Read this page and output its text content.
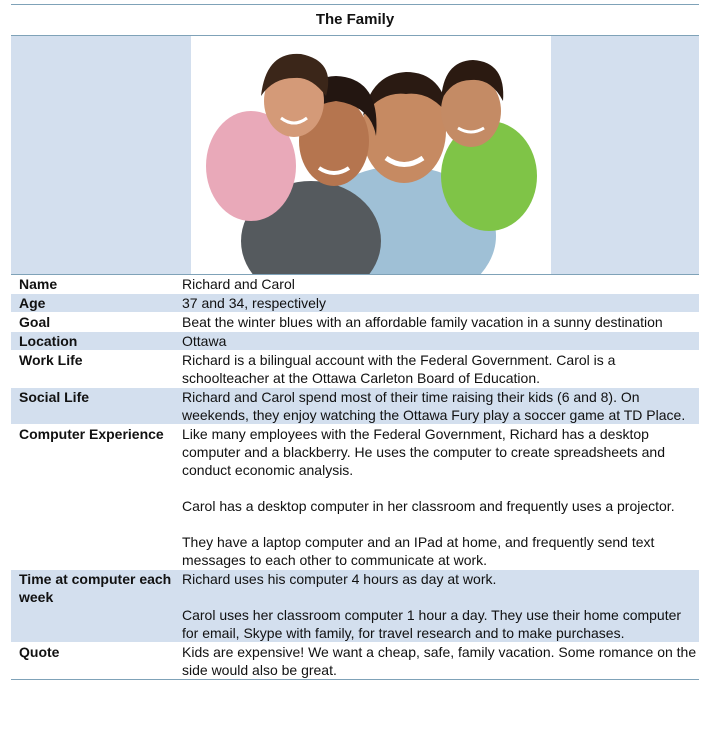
The Family
Name	Richard and Carol

Age	37 and 34, respectively

Goal	Beat the winter blues with an affordable family vacation in a sunny destination

Location	Ottawa

Work Life	Richard is a bilingual account with the Federal Government. Carol is a schoolteacher at the Ottawa Carleton Board of Education.

Social Life	Richard and Carol spend most of their time raising their kids (6 and 8). On weekends, they enjoy watching the Ottawa Fury play a soccer game at TD Place.

Computer Experience	Like many employees with the Federal Government, Richard has a desktop computer and a blackberry. He uses the computer to create spreadsheets and conduct economic analysis.
Carol has a desktop computer in her classroom and frequently uses a projector.
They have a laptop computer and an IPad at home, and frequently send text messages to each other to communicate at work.

Time at computer each week	Richard uses his computer 4 hours as day at work.
Carol uses her classroom computer 1 hour a day. They use their home computer for email, Skype with family, for travel research and to make purchases.

Quote	Kids are expensive! We want a cheap, safe, family vacation. Some romance on the side would also be great.
